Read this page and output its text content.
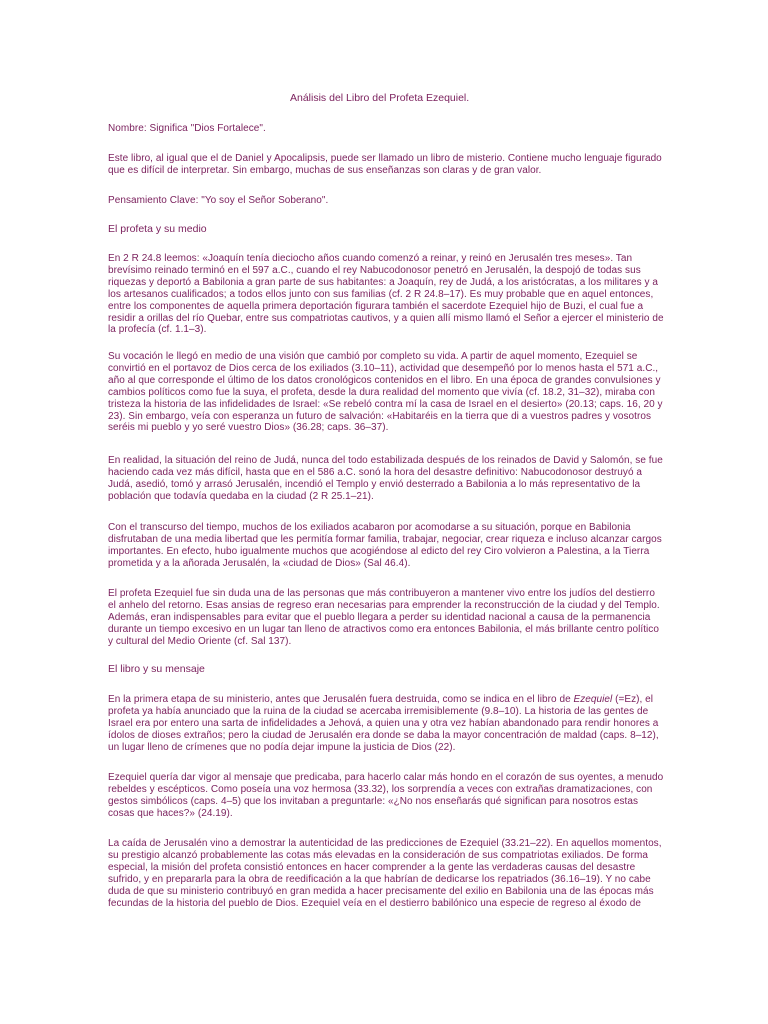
Análisis del Libro del Profeta Ezequiel.

Nombre: Significa "Dios Fortalece".

Este libro, al igual que el de Daniel y Apocalipsis, puede ser llamado un libro de misterio. Contiene mucho lenguaje figurado que es difícil de interpretar. Sin embargo, muchas de sus enseñanzas son claras y de gran valor.

Pensamiento Clave: "Yo soy el Señor Soberano".

El profeta y su medio

En 2 R 24.8 leemos: «Joaquín tenía dieciocho años cuando comenzó a reinar, y reinó en Jerusalén tres meses». Tan brevísimo reinado terminó en el 597 a.C., cuando el rey Nabucodonosor penetró en Jerusalén, la despojó de todas sus riquezas y deportó a Babilonia a gran parte de sus habitantes: a Joaquín, rey de Judá, a los aristócratas, a los militares y a los artesanos cualificados; a todos ellos junto con sus familias (cf. 2 R 24.8–17). Es muy probable que en aquel entonces, entre los componentes de aquella primera deportación figurara también el sacerdote Ezequiel hijo de Buzi, el cual fue a residir a orillas del río Quebar, entre sus compatriotas cautivos, y a quien allí mismo llamó el Señor a ejercer el ministerio de la profecía (cf. 1.1–3).

Su vocación le llegó en medio de una visión que cambió por completo su vida. A partir de aquel momento, Ezequiel se convirtió en el portavoz de Dios cerca de los exiliados (3.10–11), actividad que desempeñó por lo menos hasta el 571 a.C., año al que corresponde el último de los datos cronológicos contenidos en el libro. En una época de grandes convulsiones y cambios políticos como fue la suya, el profeta, desde la dura realidad del momento que vivía (cf. 18.2, 31–32), miraba con tristeza la historia de las infidelidades de Israel: «Se rebeló contra mí la casa de Israel en el desierto» (20.13; caps. 16, 20 y 23). Sin embargo, veía con esperanza un futuro de salvación: «Habitaréis en la tierra que di a vuestros padres y vosotros seréis mi pueblo y yo seré vuestro Dios» (36.28; caps. 36–37).

En realidad, la situación del reino de Judá, nunca del todo estabilizada después de los reinados de David y Salomón, se fue haciendo cada vez más difícil, hasta que en el 586 a.C. sonó la hora del desastre definitivo: Nabucodonosor destruyó a Judá, asedió, tomó y arrasó Jerusalén, incendió el Templo y envió desterrado a Babilonia a lo más representativo de la población que todavía quedaba en la ciudad (2 R 25.1–21).

Con el transcurso del tiempo, muchos de los exiliados acabaron por acomodarse a su situación, porque en Babilonia disfrutaban de una media libertad que les permitía formar familia, trabajar, negociar, crear riqueza e incluso alcanzar cargos importantes. En efecto, hubo igualmente muchos que acogiéndose al edicto del rey Ciro volvieron a Palestina, a la Tierra prometida y a la añorada Jerusalén, la «ciudad de Dios» (Sal 46.4).

El profeta Ezequiel fue sin duda una de las personas que más contribuyeron a mantener vivo entre los judíos del destierro el anhelo del retorno. Esas ansias de regreso eran necesarias para emprender la reconstrucción de la ciudad y del Templo. Además, eran indispensables para evitar que el pueblo llegara a perder su identidad nacional a causa de la permanencia durante un tiempo excesivo en un lugar tan lleno de atractivos como era entonces Babilonia, el más brillante centro político y cultural del Medio Oriente (cf. Sal 137).

El libro y su mensaje

En la primera etapa de su ministerio, antes que Jerusalén fuera destruida, como se indica en el libro de Ezequiel (=Ez), el profeta ya había anunciado que la ruina de la ciudad se acercaba irremisiblemente (9.8–10). La historia de las gentes de Israel era por entero una sarta de infidelidades a Jehová, a quien una y otra vez habían abandonado para rendir honores a ídolos de dioses extraños; pero la ciudad de Jerusalén era donde se daba la mayor concentración de maldad (caps. 8–12), un lugar lleno de crímenes que no podía dejar impune la justicia de Dios (22).

Ezequiel quería dar vigor al mensaje que predicaba, para hacerlo calar más hondo en el corazón de sus oyentes, a menudo rebeldes y escépticos. Como poseía una voz hermosa (33.32), los sorprendía a veces con extrañas dramatizaciones, con gestos simbólicos (caps. 4–5) que los invitaban a preguntarle: «¿No nos enseñarás qué significan para nosotros estas cosas que haces?» (24.19).

La caída de Jerusalén vino a demostrar la autenticidad de las predicciones de Ezequiel (33.21–22). En aquellos momentos, su prestigio alcanzó probablemente las cotas más elevadas en la consideración de sus compatriotas exiliados. De forma especial, la misión del profeta consistió entonces en hacer comprender a la gente las verdaderas causas del desastre sufrido, y en prepararla para la obra de reedificación a la que habrían de dedicarse los repatriados (36.16–19). Y no cabe duda de que su ministerio contribuyó en gran medida a hacer precisamente del exilio en Babilonia una de las épocas más fecundas de la historia del pueblo de Dios. Ezequiel veía en el destierro babilónico una especie de regreso al éxodo de
